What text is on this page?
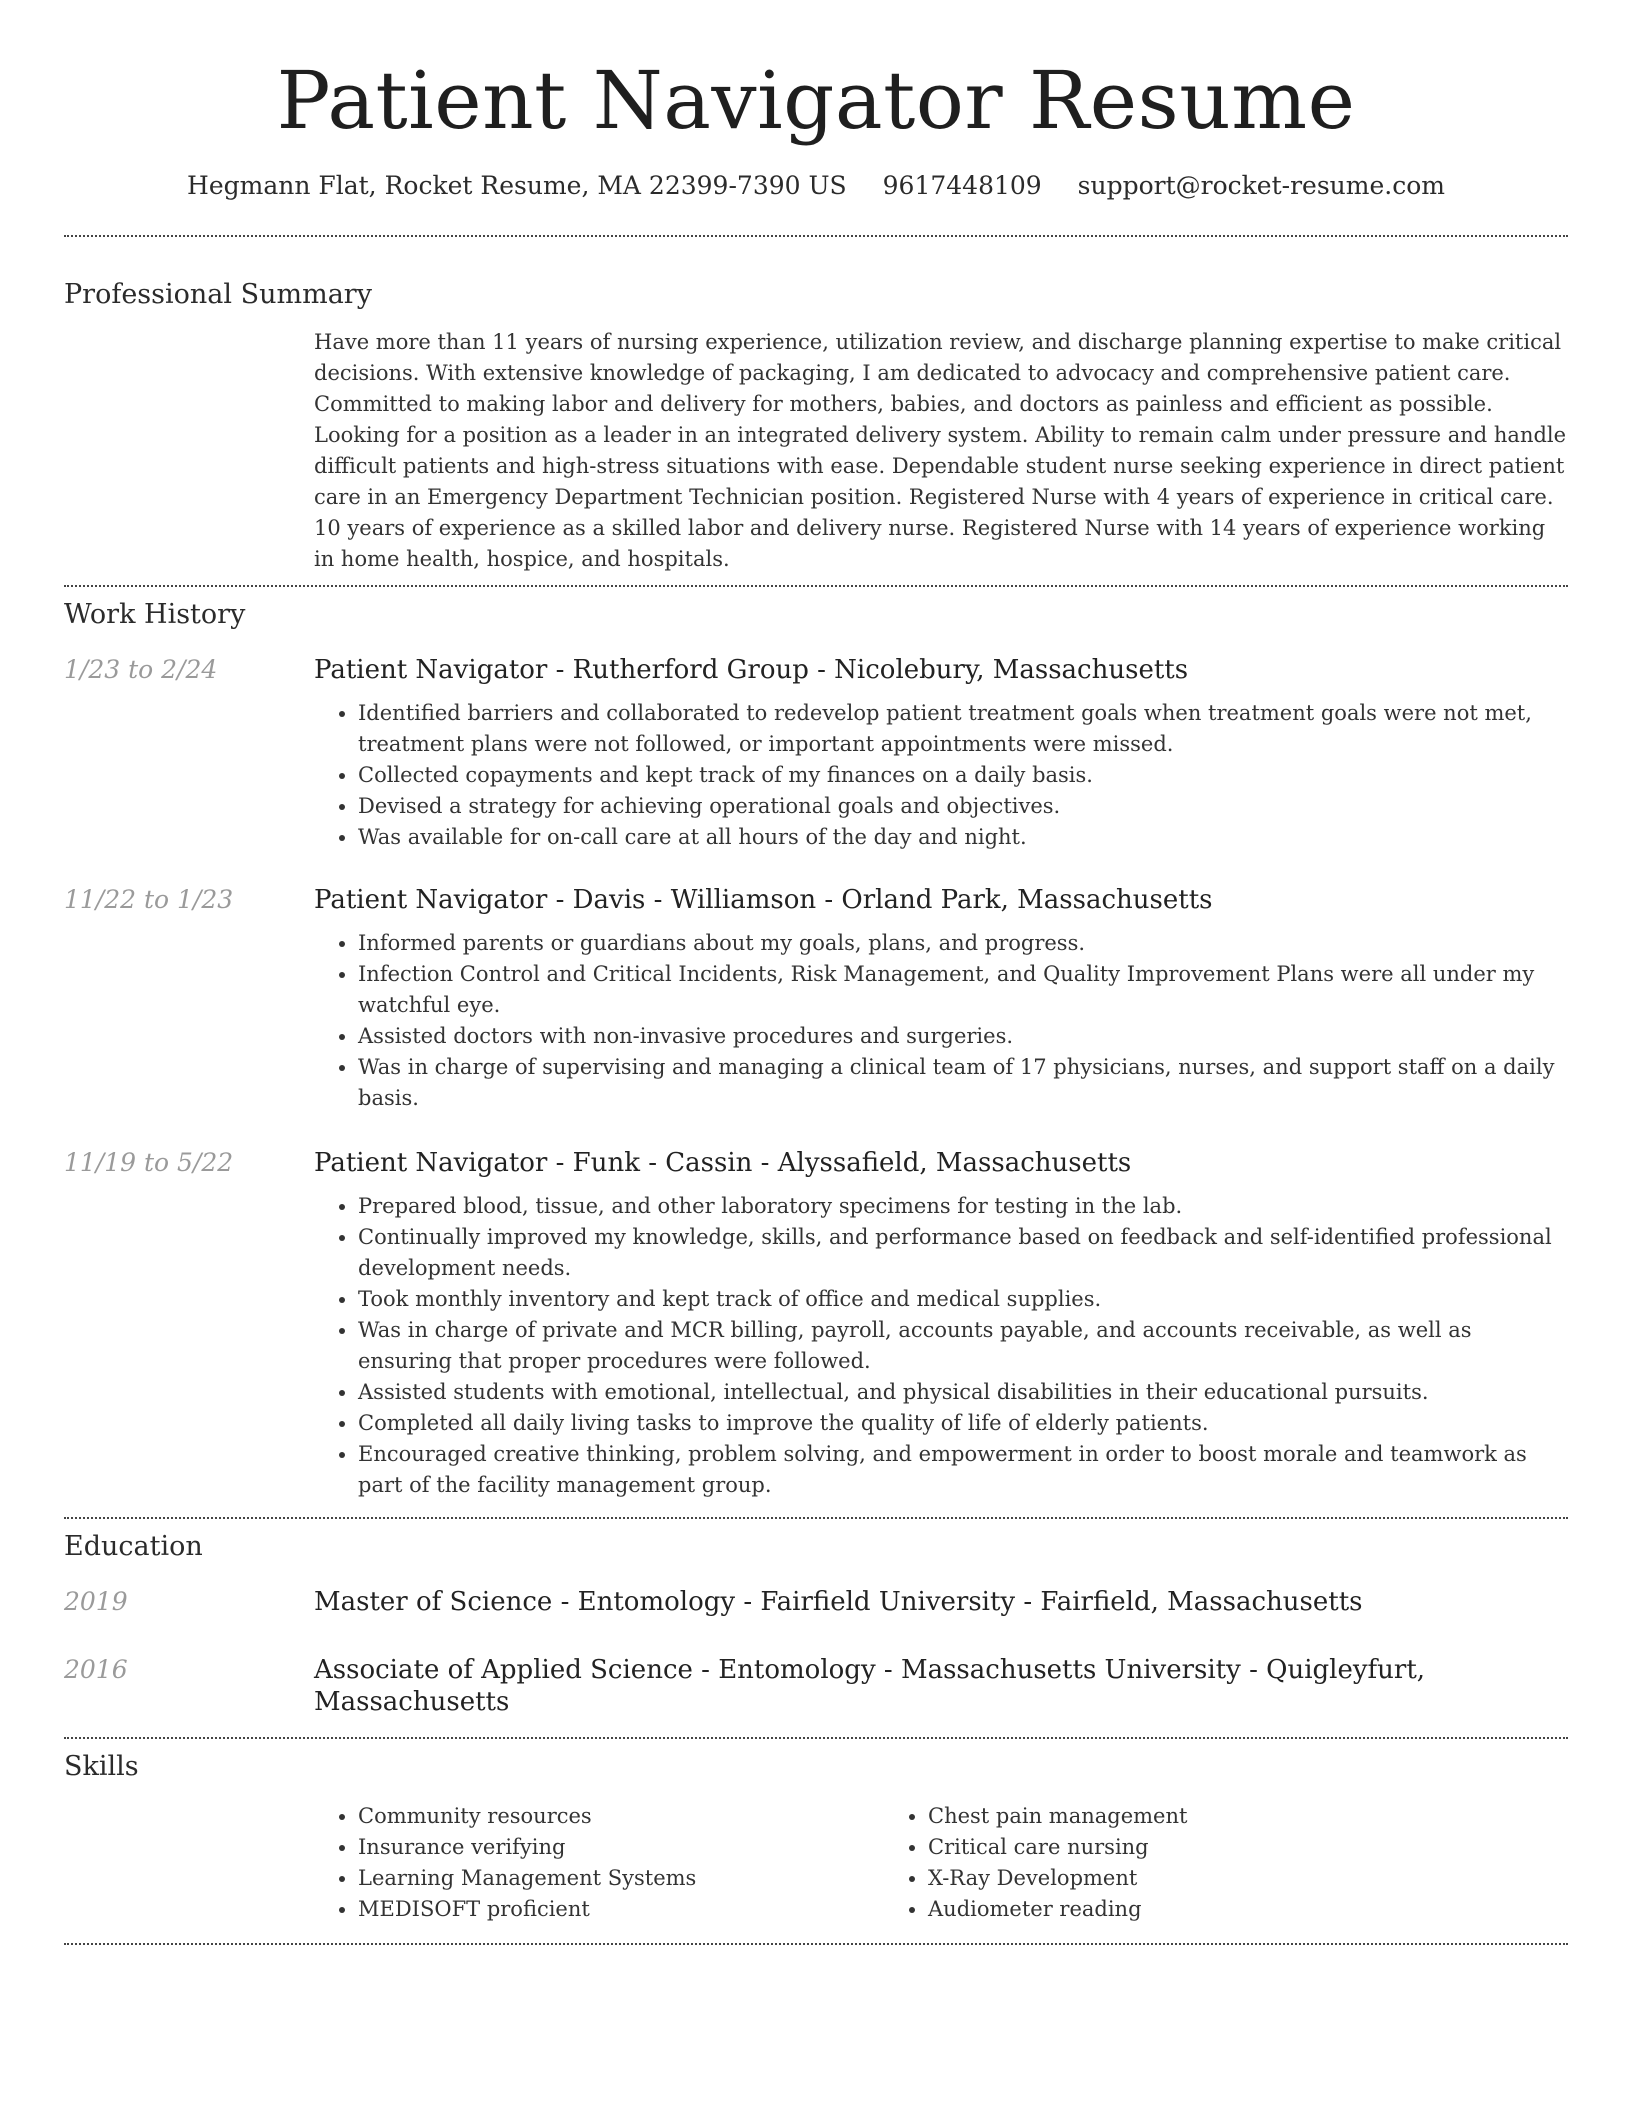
Patient Navigator Resume
Hegmann Flat, Rocket Resume, MA 22399-7390 US 9617448109 support@rocket-resume.com
Professional Summary
Have more than 11 years of nursing experience, utilization review, and discharge planning expertise to make critical decisions. With extensive knowledge of packaging, I am dedicated to advocacy and comprehensive patient care. Committed to making labor and delivery for mothers, babies, and doctors as painless and efficient as possible. Looking for a position as a leader in an integrated delivery system. Ability to remain calm under pressure and handle difficult patients and high-stress situations with ease. Dependable student nurse seeking experience in direct patient care in an Emergency Department Technician position. Registered Nurse with 4 years of experience in critical care. 10 years of experience as a skilled labor and delivery nurse. Registered Nurse with 14 years of experience working in home health, hospice, and hospitals.
Work History
1/23 to 2/24	Patient Navigator - Rutherford Group - Nicolebury, Massachusetts
• Identified barriers and collaborated to redevelop patient treatment goals when treatment goals were not met, treatment plans were not followed, or important appointments were missed.
• Collected copayments and kept track of my finances on a daily basis.
• Devised a strategy for achieving operational goals and objectives.
• Was available for on-call care at all hours of the day and night.
11/22 to 1/23	Patient Navigator - Davis - Williamson - Orland Park, Massachusetts
• Informed parents or guardians about my goals, plans, and progress.
• Infection Control and Critical Incidents, Risk Management, and Quality Improvement Plans were all under my watchful eye.
• Assisted doctors with non-invasive procedures and surgeries.
• Was in charge of supervising and managing a clinical team of 17 physicians, nurses, and support staff on a daily basis.
11/19 to 5/22	Patient Navigator - Funk - Cassin - Alyssafield, Massachusetts
• Prepared blood, tissue, and other laboratory specimens for testing in the lab.
• Continually improved my knowledge, skills, and performance based on feedback and self-identified professional development needs.
• Took monthly inventory and kept track of office and medical supplies.
• Was in charge of private and MCR billing, payroll, accounts payable, and accounts receivable, as well as ensuring that proper procedures were followed.
• Assisted students with emotional, intellectual, and physical disabilities in their educational pursuits.
• Completed all daily living tasks to improve the quality of life of elderly patients.
• Encouraged creative thinking, problem solving, and empowerment in order to boost morale and teamwork as part of the facility management group.
Education
2019	Master of Science - Entomology - Fairfield University - Fairfield, Massachusetts
2016	Associate of Applied Science - Entomology - Massachusetts University - Quigleyfurt, Massachusetts
Skills
• Community resources
• Insurance verifying
• Learning Management Systems
• MEDISOFT proficient
• Chest pain management
• Critical care nursing
• X-Ray Development
• Audiometer reading
